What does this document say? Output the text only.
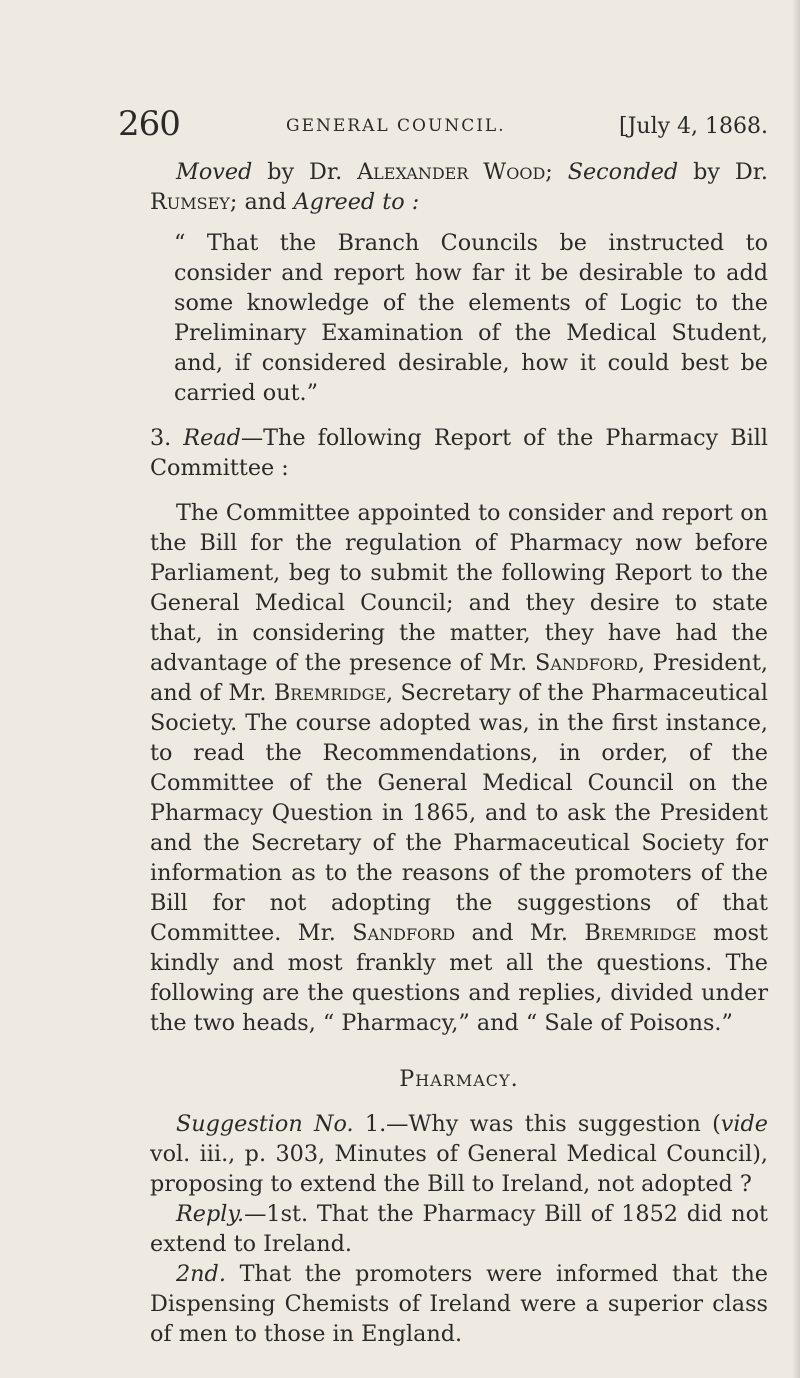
260	GENERAL COUNCIL.	[July 4, 1868.

Moved by Dr. Alexander Wood; Seconded by Dr. Rumsey; and Agreed to :

“ That the Branch Councils be instructed to consider and report how far it be desirable to add some knowledge of the elements of Logic to the Preliminary Examination of the Medical Student, and, if considered desirable, how it could best be carried out.”

3. Read—The following Report of the Pharmacy Bill Committee :

The Committee appointed to consider and report on the Bill for the regulation of Pharmacy now before Parliament, beg to submit the following Report to the General Medical Council; and they desire to state that, in considering the matter, they have had the advantage of the presence of Mr. Sandford, President, and of Mr. Bremridge, Secretary of the Pharmaceutical Society. The course adopted was, in the first instance, to read the Recommendations, in order, of the Committee of the General Medical Council on the Pharmacy Question in 1865, and to ask the President and the Secretary of the Pharmaceutical Society for information as to the reasons of the promoters of the Bill for not adopting the suggestions of that Committee. Mr. Sandford and Mr. Bremridge most kindly and most frankly met all the questions. The following are the questions and replies, divided under the two heads, “ Pharmacy,” and “ Sale of Poisons.”

Pharmacy.

Suggestion No. 1.—Why was this suggestion (vide vol. iii., p. 303, Minutes of General Medical Council), proposing to extend the Bill to Ireland, not adopted ?

Reply.—1st. That the Pharmacy Bill of 1852 did not extend to Ireland.

2nd. That the promoters were informed that the Dispensing Chemists of Ireland were a superior class of men to those in England.
